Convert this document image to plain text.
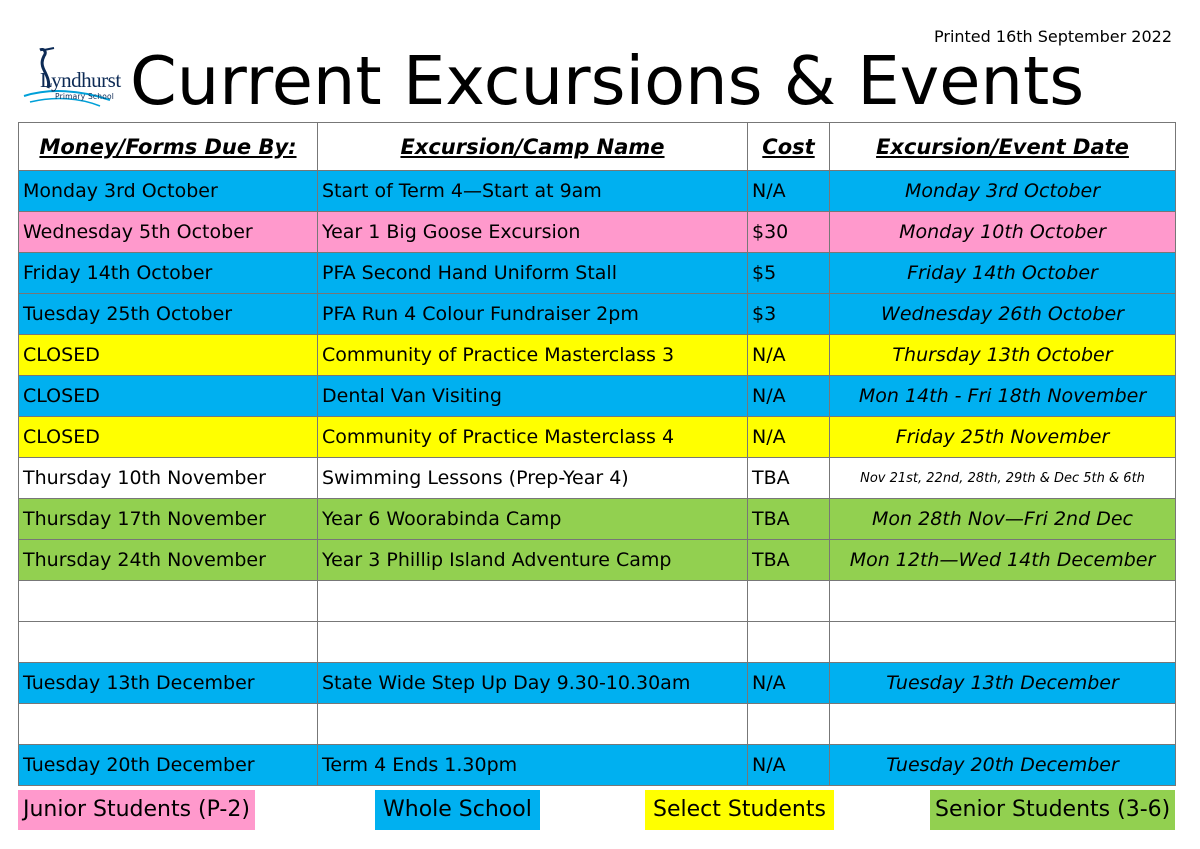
Printed 16th September 2022
Lyndhurst
Primary School Current Excursions & Events
Money/Forms Due By:	Excursion/Camp Name	Cost	Excursion/Event Date
Monday 3rd October	Start of Term 4—Start at 9am	N/A	Monday 3rd October
Wednesday 5th October	Year 1 Big Goose Excursion	$30	Monday 10th October
Friday 14th October	PFA Second Hand Uniform Stall	$5	Friday 14th October
Tuesday 25th October	PFA Run 4 Colour Fundraiser 2pm	$3	Wednesday 26th October
CLOSED	Community of Practice Masterclass 3	N/A	Thursday 13th October
CLOSED	Dental Van Visiting	N/A	Mon 14th - Fri 18th November
CLOSED	Community of Practice Masterclass 4	N/A	Friday 25th November
Thursday 10th November	Swimming Lessons (Prep-Year 4)	TBA	Nov 21st, 22nd, 28th, 29th & Dec 5th & 6th
Thursday 17th November	Year 6 Woorabinda Camp	TBA	Mon 28th Nov—Fri 2nd Dec
Thursday 24th November	Year 3 Phillip Island Adventure Camp	TBA	Mon 12th—Wed 14th December

Tuesday 13th December	State Wide Step Up Day 9.30-10.30am	N/A	Tuesday 13th December

Tuesday 20th December	Term 4 Ends 1.30pm	N/A	Tuesday 20th December
Junior Students (P-2)	Whole School	Select Students	Senior Students (3-6)
